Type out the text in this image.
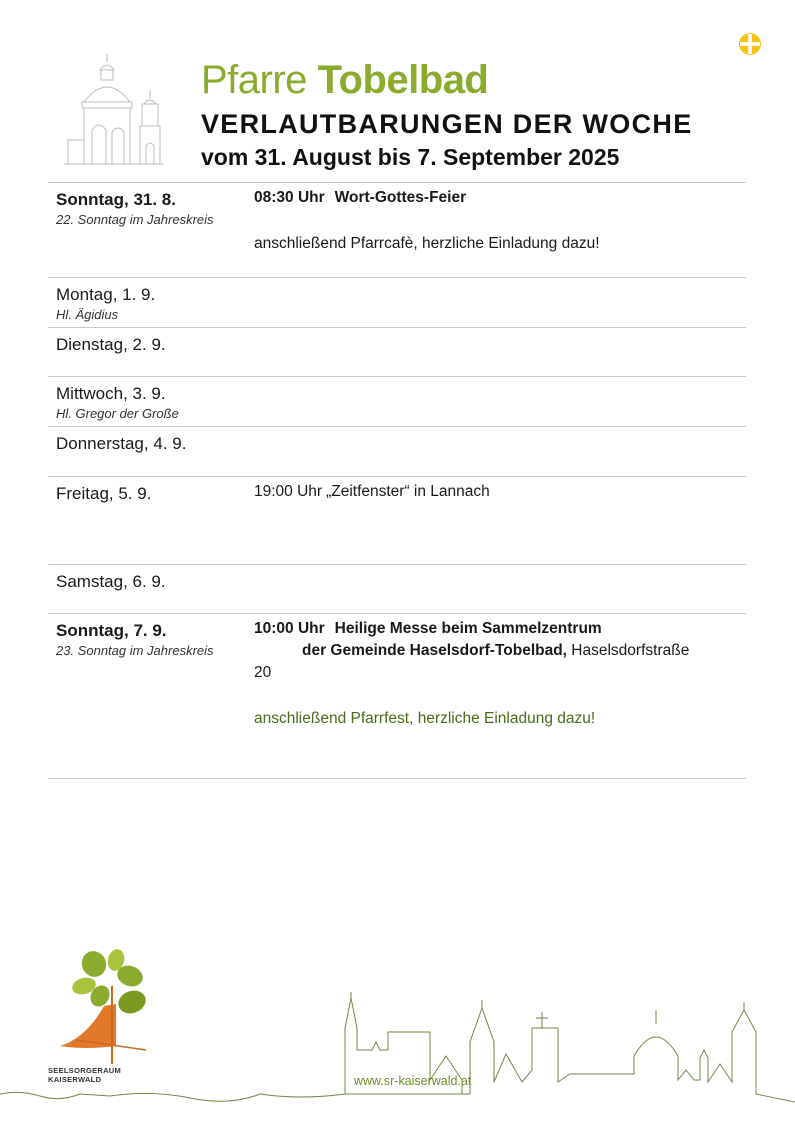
Pfarre Tobelbad
VERLAUTBARUNGEN DER WOCHE
vom 31. August bis 7. September 2025
Sonntag, 31. 8.
22. Sonntag im Jahreskreis
08:30 Uhr Wort-Gottes-Feier
anschließend Pfarrcafè, herzliche Einladung dazu!
Montag, 1. 9.
Hl. Ägidius
Dienstag, 2. 9.
Mittwoch, 3. 9.
Hl. Gregor der Große
Donnerstag, 4. 9.
Freitag, 5. 9.	19:00 Uhr „Zeitfenster“ in Lannach
Samstag, 6. 9.
Sonntag, 7. 9.
23. Sonntag im Jahreskreis
10:00 Uhr Heilige Messe beim Sammelzentrum
der Gemeinde Haselsdorf-Tobelbad, Haselsdorfstraße
20
anschließend Pfarrfest, herzliche Einladung dazu!
SEELSORGERAUM
KAISERWALD	www.sr-kaiserwald.at
